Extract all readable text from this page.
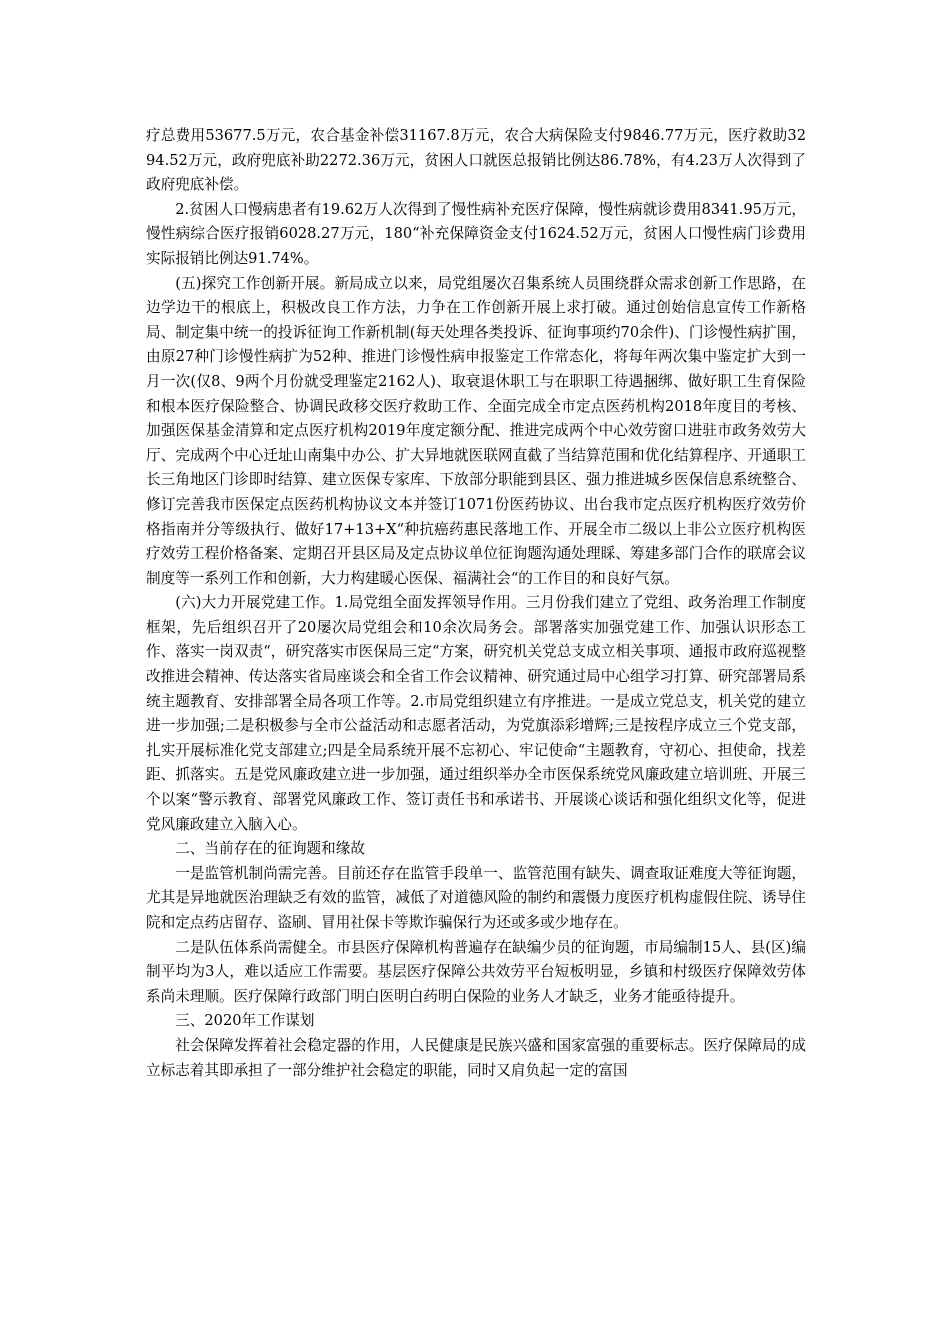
疗总费用53677.5万元，农合基金补偿31167.8万元，农合大病保险支付9846.77万元，医疗救助3294.52万元，政府兜底补助2272.36万元，贫困人口就医总报销比例达86.78%，有4.23万人次得到了政府兜底补偿。

2.贫困人口慢病患者有19.62万人次得到了慢性病补充医疗保障，慢性病就诊费用8341.95万元，慢性病综合医疗报销6028.27万元，180“补充保障资金支付1624.52万元，贫困人口慢性病门诊费用实际报销比例达91.74%。

(五)探究工作创新开展。新局成立以来，局党组屡次召集系统人员围绕群众需求创新工作思路，在边学边干的根底上，积极改良工作方法，力争在工作创新开展上求打破。通过创始信息宣传工作新格局、制定集中统一的投诉征询工作新机制(每天处理各类投诉、征询事项约70余件)、门诊慢性病扩围，由原27种门诊慢性病扩为52种、推进门诊慢性病申报鉴定工作常态化，将每年两次集中鉴定扩大到一月一次(仅8、9两个月份就受理鉴定2162人)、取衰退休职工与在职职工待遇捆绑、做好职工生育保险和根本医疗保险整合、协调民政移交医疗救助工作、全面完成全市定点医药机构2018年度目的考核、加强医保基金清算和定点医疗机构2019年度定额分配、推进完成两个中心效劳窗口进驻市政务效劳大厅、完成两个中心迁址山南集中办公、扩大异地就医联网直截了当结算范围和优化结算程序、开通职工长三角地区门诊即时结算、建立医保专家库、下放部分职能到县区、强力推进城乡医保信息系统整合、修订完善我市医保定点医药机构协议文本并签订1071份医药协议、出台我市定点医疗机构医疗效劳价格指南并分等级执行、做好17+13+X“种抗癌药惠民落地工作、开展全市二级以上非公立医疗机构医疗效劳工程价格备案、定期召开县区局及定点协议单位征询题沟通处理睬、筹建多部门合作的联席会议制度等一系列工作和创新，大力构建暖心医保、福满社会“的工作目的和良好气氛。

(六)大力开展党建工作。1.局党组全面发挥领导作用。三月份我们建立了党组、政务治理工作制度框架，先后组织召开了20屡次局党组会和10余次局务会。部署落实加强党建工作、加强认识形态工作、落实一岗双责“，研究落实市医保局三定“方案，研究机关党总支成立相关事项、通报市政府巡视整改推进会精神、传达落实省局座谈会和全省工作会议精神、研究通过局中心组学习打算、研究部署局系统主题教育、安排部署全局各项工作等。2.市局党组织建立有序推进。一是成立党总支，机关党的建立进一步加强;二是积极参与全市公益活动和志愿者活动，为党旗添彩增辉;三是按程序成立三个党支部，扎实开展标准化党支部建立;四是全局系统开展不忘初心、牢记使命“主题教育，守初心、担使命，找差距、抓落实。五是党风廉政建立进一步加强，通过组织举办全市医保系统党风廉政建立培训班、开展三个以案“警示教育、部署党风廉政工作、签订责任书和承诺书、开展谈心谈话和强化组织文化等，促进党风廉政建立入脑入心。

二、当前存在的征询题和缘故

一是监管机制尚需完善。目前还存在监管手段单一、监管范围有缺失、调查取证难度大等征询题，尤其是异地就医治理缺乏有效的监管，减低了对道德风险的制约和震慑力度医疗机构虚假住院、诱导住院和定点药店留存、盗刷、冒用社保卡等欺诈骗保行为还或多或少地存在。

二是队伍体系尚需健全。市县医疗保障机构普遍存在缺编少员的征询题，市局编制15人、县(区)编制平均为3人，难以适应工作需要。基层医疗保障公共效劳平台短板明显，乡镇和村级医疗保障效劳体系尚未理顺。医疗保障行政部门明白医明白药明白保险的业务人才缺乏，业务才能亟待提升。

三、2020年工作谋划

社会保障发挥着社会稳定器的作用，人民健康是民族兴盛和国家富强的重要标志。医疗保障局的成立标志着其即承担了一部分维护社会稳定的职能，同时又肩负起一定的富国
